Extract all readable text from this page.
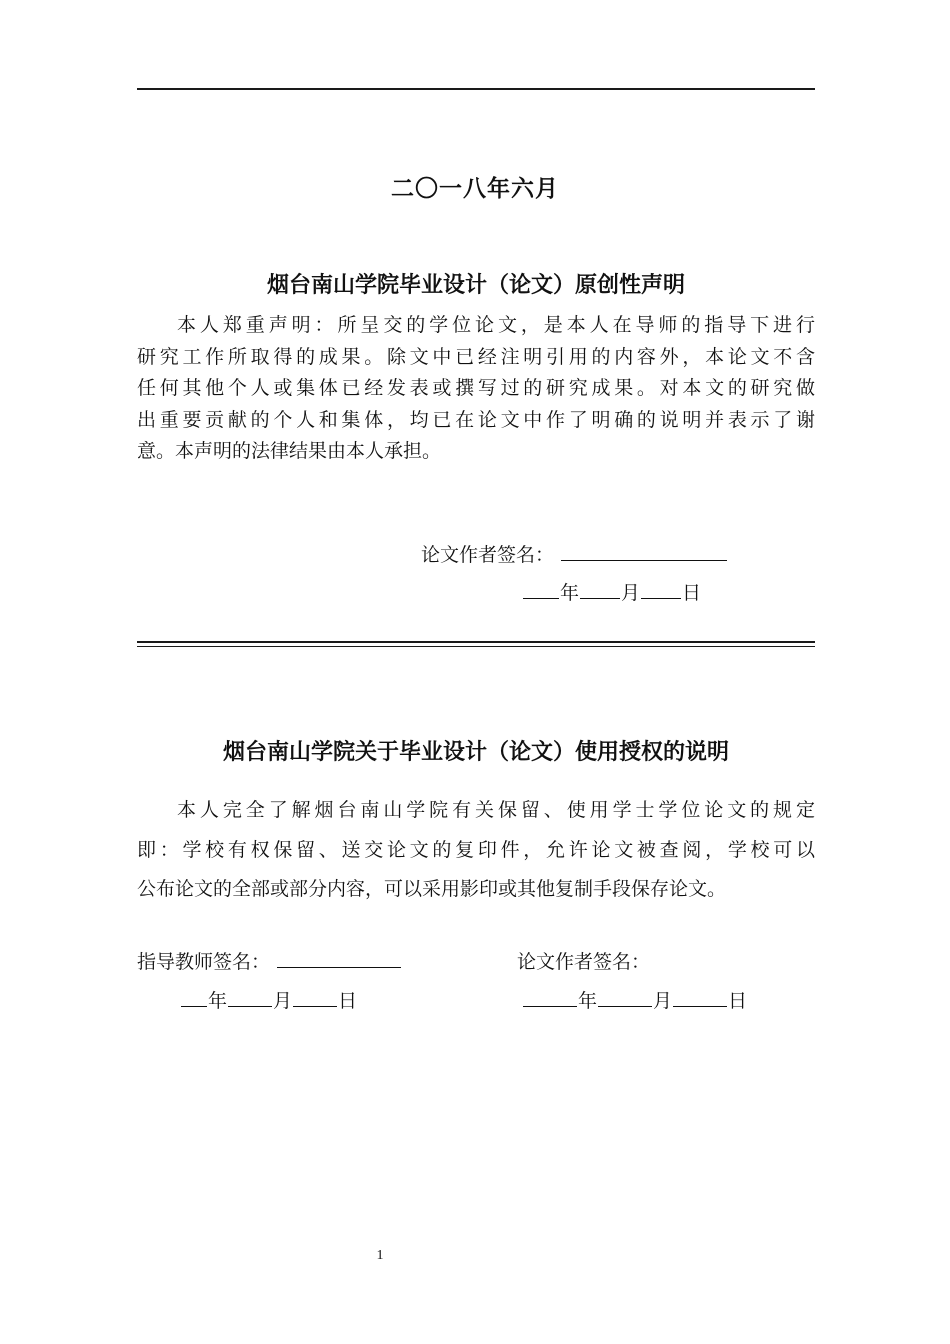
二〇一八年六月
烟台南山学院毕业设计（论文）原创性声明
本人郑重声明：所呈交的学位论文，是本人在导师的指导下进行
研究工作所取得的成果。除文中已经注明引用的内容外，本论文不含
任何其他个人或集体已经发表或撰写过的研究成果。对本文的研究做
出重要贡献的个人和集体，均已在论文中作了明确的说明并表示了谢
意。本声明的法律结果由本人承担。
论文作者签名：
年 月 日
烟台南山学院关于毕业设计（论文）使用授权的说明
本人完全了解烟台南山学院有关保留、使用学士学位论文的规定
即：学校有权保留、送交论文的复印件，允许论文被查阅，学校可以
公布论文的全部或部分内容，可以采用影印或其他复制手段保存论文。
指导教师签名：	论文作者签名：
年 月 日	年	月	日
1
